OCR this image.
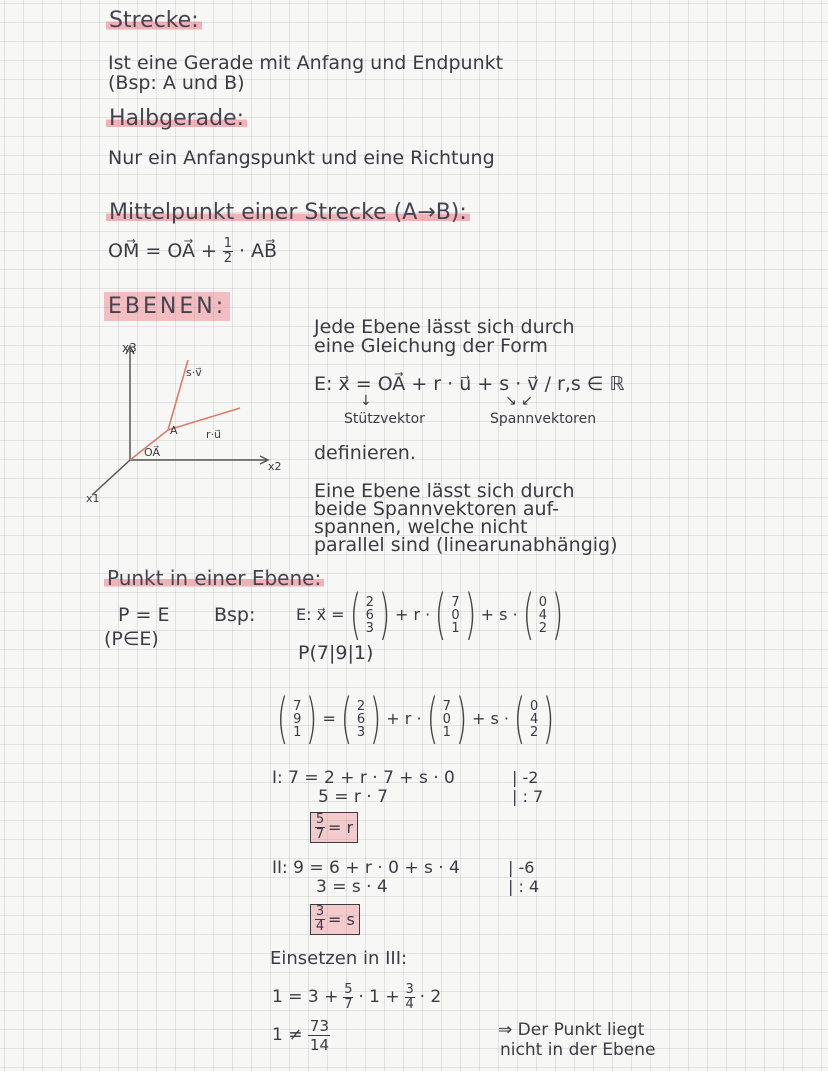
Strecke:
Ist eine Gerade mit Anfang und Endpunkt
(Bsp: A und B)
Halbgerade:
Nur ein Anfangspunkt und eine Richtung
Mittelpunkt einer Strecke (A→B):
OM⃗ = OA⃗ + $\frac{1}{2}$ · AB⃗
EBENEN:
x3
x2
x1
s·v⃗
r·u⃗
A
OA⃗
Jede Ebene lässt sich durch
eine Gleichung der Form
E: x⃗ = OA⃗ + r · u⃗ + s · v⃗ / r,s ∈ ℝ
↓	↘ ↙
Stützvektor	Spannvektoren
definieren.
Eine Ebene lässt sich durch
beide Spannvektoren auf-
spannen, welche nicht
parallel sind (linearunabhängig)
Punkt in einer Ebene:
P = E
(P∈E)
Bsp:	E: x⃗ = ( 2
6
3 ) + r · ( 7
0
1 ) + s · ( 0
4
2 )
P(7|9|1)
( 7
9
1 ) = ( 2
6
3 ) + r · ( 7
0
1 ) + s · ( 0
4
2 )
I: 7 = 2 + r · 7 + s · 0	| -2
5 = r · 7	| : 7
$\frac{5}{7} = r$
II: 9 = 6 + r · 0 + s · 4	| -6
3 = s · 4	| : 4
$\frac{3}{4} = s$
Einsetzen in III:
$1 = 3 + \frac{5}{7} \cdot 1 + \frac{3}{4} \cdot 2$
$1 \ne \frac{73}{14}$	⇒ Der Punkt liegt
nicht in der Ebene
